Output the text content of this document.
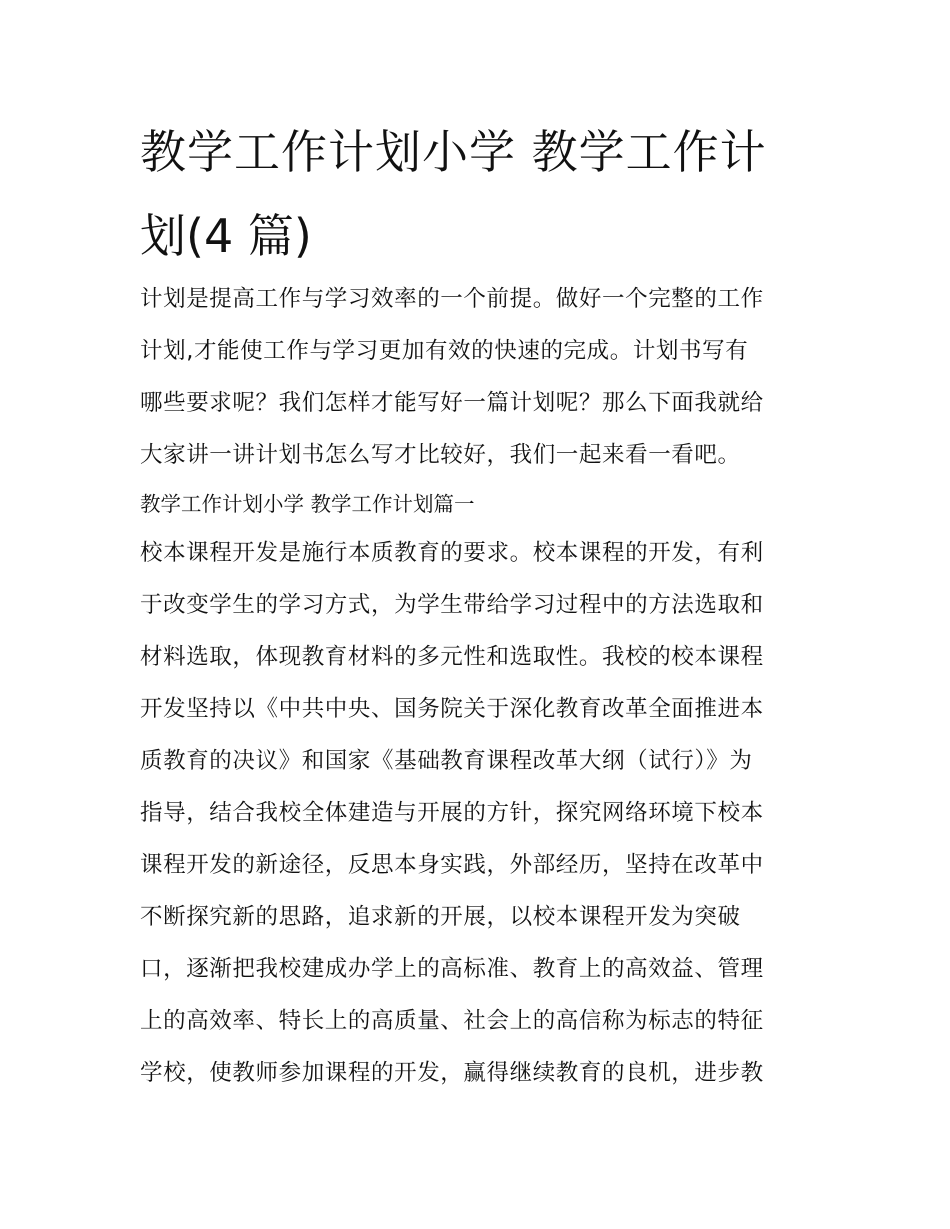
教学工作计划小学 教学工作计
划(4 篇)
计划是提高工作与学习效率的一个前提。做好一个完整的工作
计划,才能使工作与学习更加有效的快速的完成。计划书写有
哪些要求呢？我们怎样才能写好一篇计划呢？那么下面我就给
大家讲一讲计划书怎么写才比较好，我们一起来看一看吧。
教学工作计划小学 教学工作计划篇一
校本课程开发是施行本质教育的要求。校本课程的开发，有利
于改变学生的学习方式，为学生带给学习过程中的方法选取和
材料选取，体现教育材料的多元性和选取性。我校的校本课程
开发坚持以《中共中央、国务院关于深化教育改革全面推进本
质教育的决议》和国家《基础教育课程改革大纲（试行）》为
指导，结合我校全体建造与开展的方针，探究网络环境下校本
课程开发的新途径，反思本身实践，外部经历，坚持在改革中
不断探究新的思路，追求新的开展，以校本课程开发为突破
口，逐渐把我校建成办学上的高标准、教育上的高效益、管理
上的高效率、特长上的高质量、社会上的高信称为标志的特征
学校，使教师参加课程的开发，赢得继续教育的良机，进步教
